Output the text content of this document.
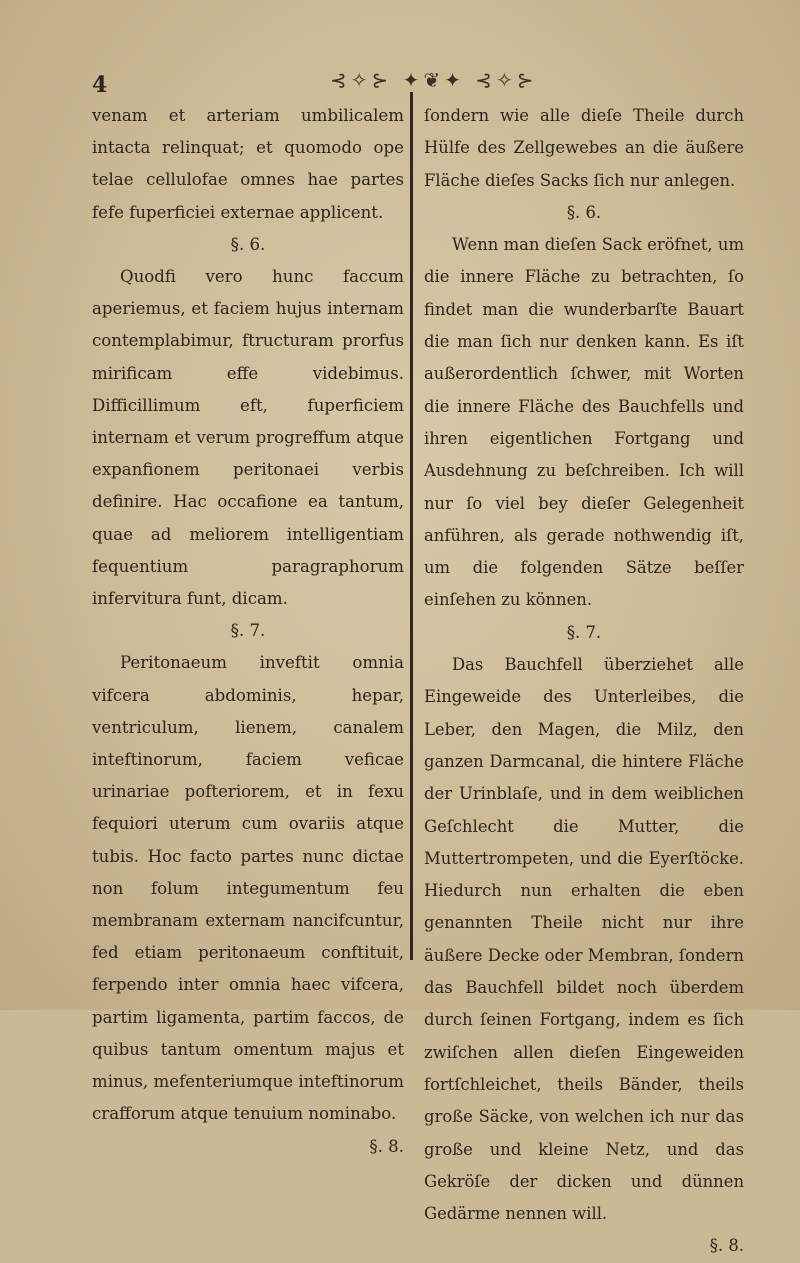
4	⊰✧⊱ ✦❦✦ ⊰✧⊱

venam et arteriam umbilicalem intacta relinquat; et quomodo ope telae cellulofae omnes hae partes fefe fuperficiei externae applicent.

§. 6.

Quodfi vero hunc faccum aperiemus, et faciem hujus internam contemplabimur, ftructuram prorfus mirificam effe videbimus. Difficillimum eft, fuperficiem internam et verum progreffum atque expanfionem peritonaei verbis definire. Hac occafione ea tantum, quae ad meliorem intelligentiam fequentium paragraphorum infervitura funt, dicam.

§. 7.

Peritonaeum inveftit omnia vifcera abdominis, hepar, ventriculum, lienem, canalem inteftinorum, faciem veficae urinariae pofteriorem, et in fexu fequiori uterum cum ovariis atque tubis. Hoc facto partes nunc dictae non folum integumentum feu membranam externam nancifcuntur, fed etiam peritonaeum conftituit, ferpendo inter omnia haec vifcera, partim ligamenta, partim faccos, de quibus tantum omentum majus et minus, mefenteriumque inteftinorum crafforum atque tenuium nominabo.

§. 8.

ſondern wie alle dieſe Theile durch Hülfe des Zellgewebes an die äußere Fläche dieſes Sacks ſich nur anlegen.

§. 6.

Wenn man dieſen Sack eröfnet, um die innere Fläche zu betrachten, ſo findet man die wunderbarſte Bauart die man ſich nur denken kann. Es iſt außerordentlich ſchwer, mit Worten die innere Fläche des Bauchfells und ihren eigentlichen Fortgang und Ausdehnung zu beſchreiben. Ich will nur ſo viel bey dieſer Gelegenheit anführen, als gerade nothwendig iſt, um die folgenden Sätze beſſer einſehen zu können.

§. 7.

Das Bauchfell überziehet alle Eingeweide des Unterleibes, die Leber, den Magen, die Milz, den ganzen Darmcanal, die hintere Fläche der Urinblaſe, und in dem weiblichen Geſchlecht die Mutter, die Muttertrompeten, und die Eyerſtöcke. Hiedurch nun erhalten die eben genannten Theile nicht nur ihre äußere Decke oder Membran, ſondern das Bauchfell bildet noch überdem durch ſeinen Fortgang, indem es ſich zwiſchen allen dieſen Eingeweiden fortſchleichet, theils Bänder, theils große Säcke, von welchen ich nur das große und kleine Netz, und das Gekröſe der dicken und dünnen Gedärme nennen will.

§. 8.
